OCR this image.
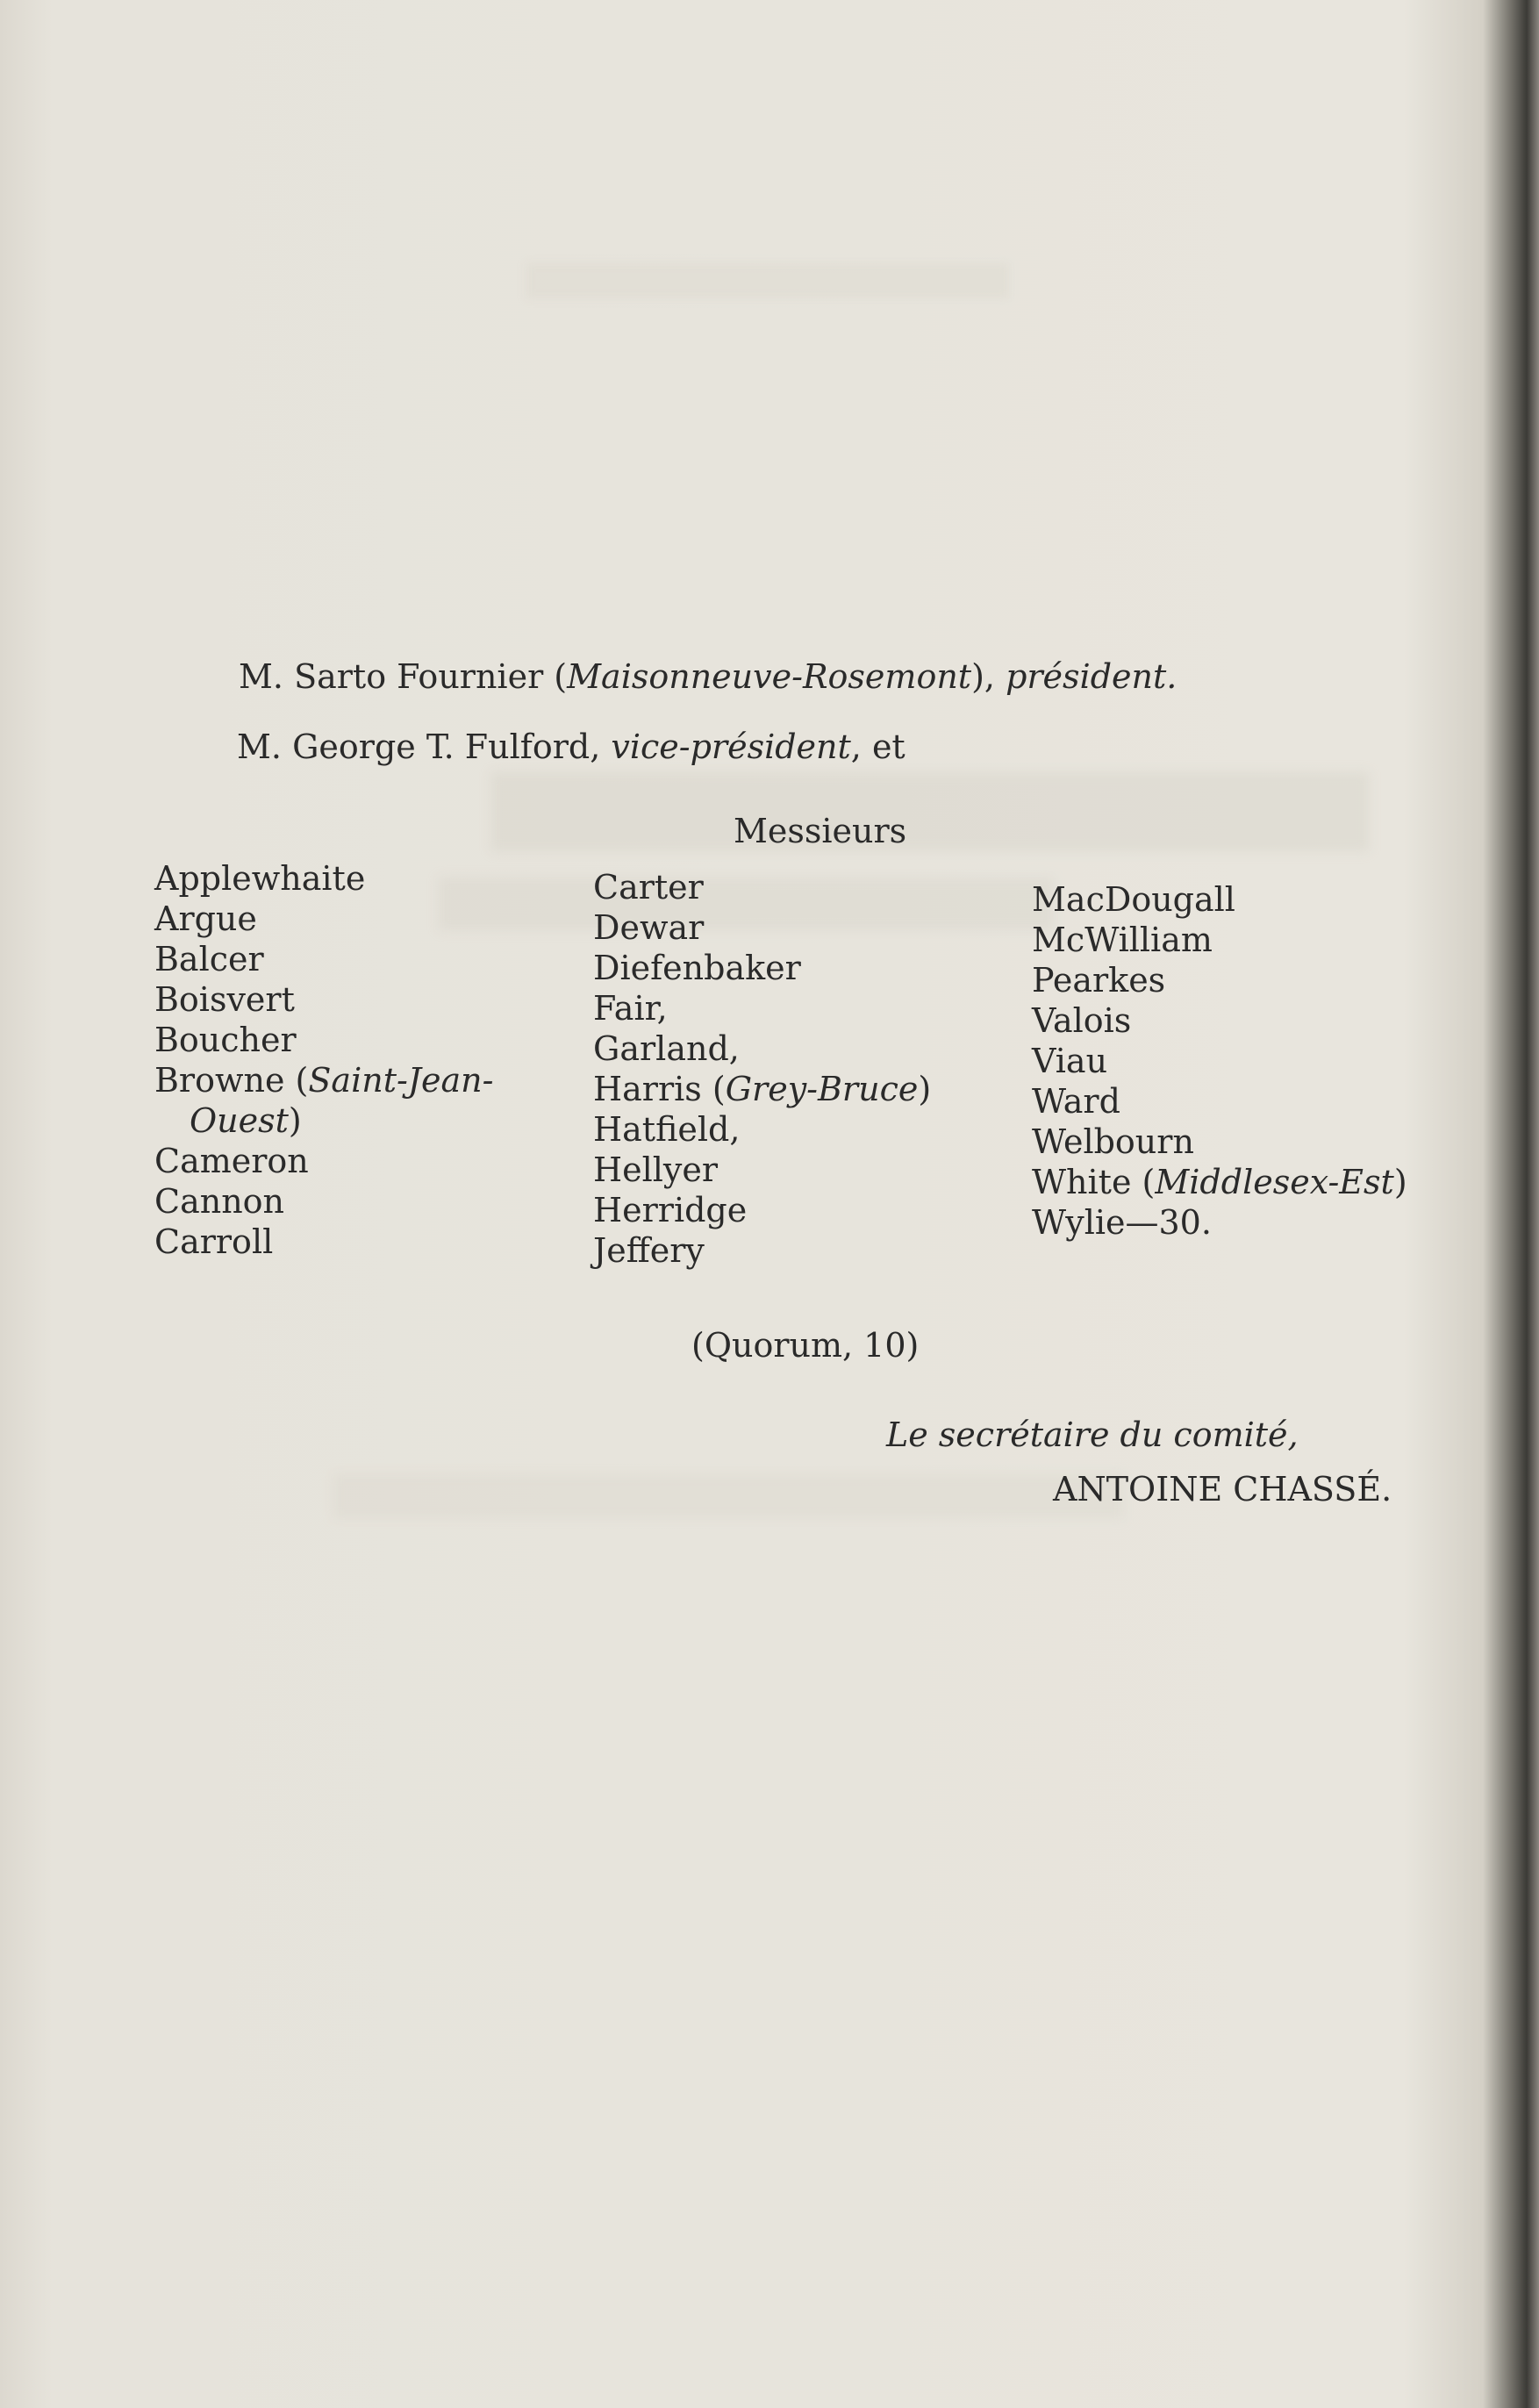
M. Sarto Fournier (Maisonneuve-Rosemont), président.
M. George T. Fulford, vice-président, et
Messieurs
Applewhaite
Argue
Balcer
Boisvert
Boucher
Browne (Saint-Jean-
Ouest)
Cameron
Cannon
Carroll
Carter
Dewar
Diefenbaker
Fair,
Garland,
Harris (Grey-Bruce)
Hatfield,
Hellyer
Herridge
Jeffery
MacDougall
McWilliam
Pearkes
Valois
Viau
Ward
Welbourn
White (Middlesex-Est)
Wylie—30.
(Quorum, 10)
Le secrétaire du comité,
ANTOINE CHASSÉ.
